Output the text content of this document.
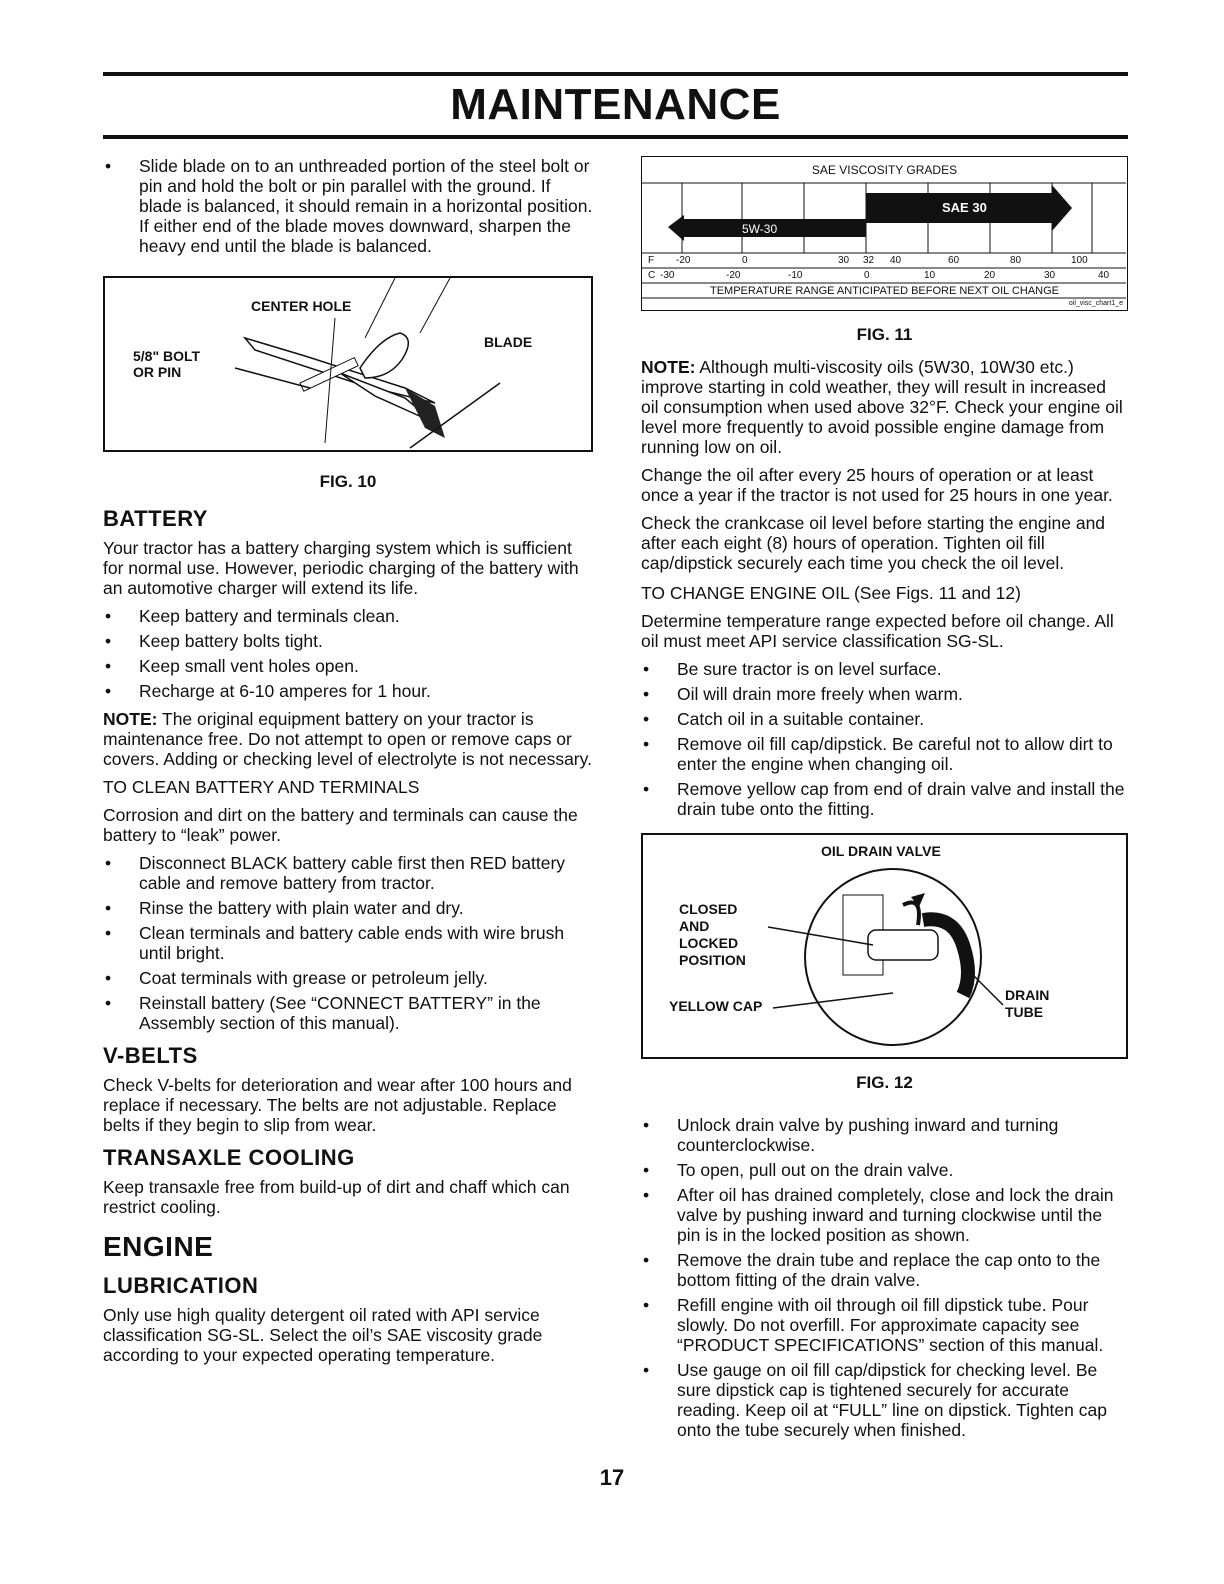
MAINTENANCE
• Slide blade on to an unthreaded portion of the steel bolt or pin and hold the bolt or pin parallel with the ground. If blade is balanced, it should remain in a horizontal position. If either end of the blade moves downward, sharpen the heavy end until the blade is balanced.
CENTER HOLE
BLADE
5/8" BOLT
OR PIN
FIG. 10
BATTERY

Your tractor has a battery charging system which is sufficient for normal use. However, periodic charging of the battery with an automotive charger will extend its life.

• Keep battery and terminals clean.
• Keep battery bolts tight.
• Keep small vent holes open.
• Recharge at 6-10 amperes for 1 hour.

NOTE: The original equipment battery on your tractor is maintenance free. Do not attempt to open or remove caps or covers. Adding or checking level of electrolyte is not necessary.

TO CLEAN BATTERY AND TERMINALS

Corrosion and dirt on the battery and terminals can cause the battery to “leak” power.

• Disconnect BLACK battery cable first then RED battery cable and remove battery from tractor.
• Rinse the battery with plain water and dry.
• Clean terminals and battery cable ends with wire brush until bright.
• Coat terminals with grease or petroleum jelly.
• Reinstall battery (See “CONNECT BATTERY” in the Assembly section of this manual).
V-BELTS

Check V-belts for deterioration and wear after 100 hours and replace if necessary. The belts are not adjustable. Replace belts if they begin to slip from wear.

TRANSAXLE COOLING

Keep transaxle free from build-up of dirt and chaff which can restrict cooling.

ENGINE
LUBRICATION

Only use high quality detergent oil rated with API service classification SG-SL. Select the oil’s SAE viscosity grade according to your expected operating temperature.

SAE VISCOSITY GRADES
SAE 30
5W-30
F -20	0	30 32 40	60	80	100
C -30	-20	-10	0	10	20	30	40
TEMPERATURE RANGE ANTICIPATED BEFORE NEXT OIL CHANGE
oil_visc_chart1_e
FIG. 11

NOTE: Although multi-viscosity oils (5W30, 10W30 etc.) improve starting in cold weather, they will result in increased oil consumption when used above 32°F. Check your engine oil level more frequently to avoid possible engine damage from running low on oil.

Change the oil after every 25 hours of operation or at least once a year if the tractor is not used for 25 hours in one year.

Check the crankcase oil level before starting the engine and after each eight (8) hours of operation. Tighten oil fill cap/dipstick securely each time you check the oil level.

TO CHANGE ENGINE OIL (See Figs. 11 and 12)

Determine temperature range expected before oil change. All oil must meet API service classification SG-SL.

• Be sure tractor is on level surface.
• Oil will drain more freely when warm.
• Catch oil in a suitable container.
• Remove oil fill cap/dipstick. Be careful not to allow dirt to enter the engine when changing oil.
• Remove yellow cap from end of drain valve and install the drain tube onto the fitting.
OIL DRAIN VALVE
CLOSED
AND
LOCKED
POSITION
YELLOW CAP
DRAIN
TUBE
FIG. 12
• Unlock drain valve by pushing inward and turning counterclockwise.
• To open, pull out on the drain valve.
• After oil has drained completely, close and lock the drain valve by pushing inward and turning clockwise until the pin is in the locked position as shown.
• Remove the drain tube and replace the cap onto to the bottom fitting of the drain valve.
• Refill engine with oil through oil fill dipstick tube. Pour slowly. Do not overfill. For approximate capacity see “PRODUCT SPECIFICATIONS” section of this manual.
• Use gauge on oil fill cap/dipstick for checking level. Be sure dipstick cap is tightened securely for accurate reading. Keep oil at “FULL” line on dipstick. Tighten cap onto the tube securely when finished.
17
